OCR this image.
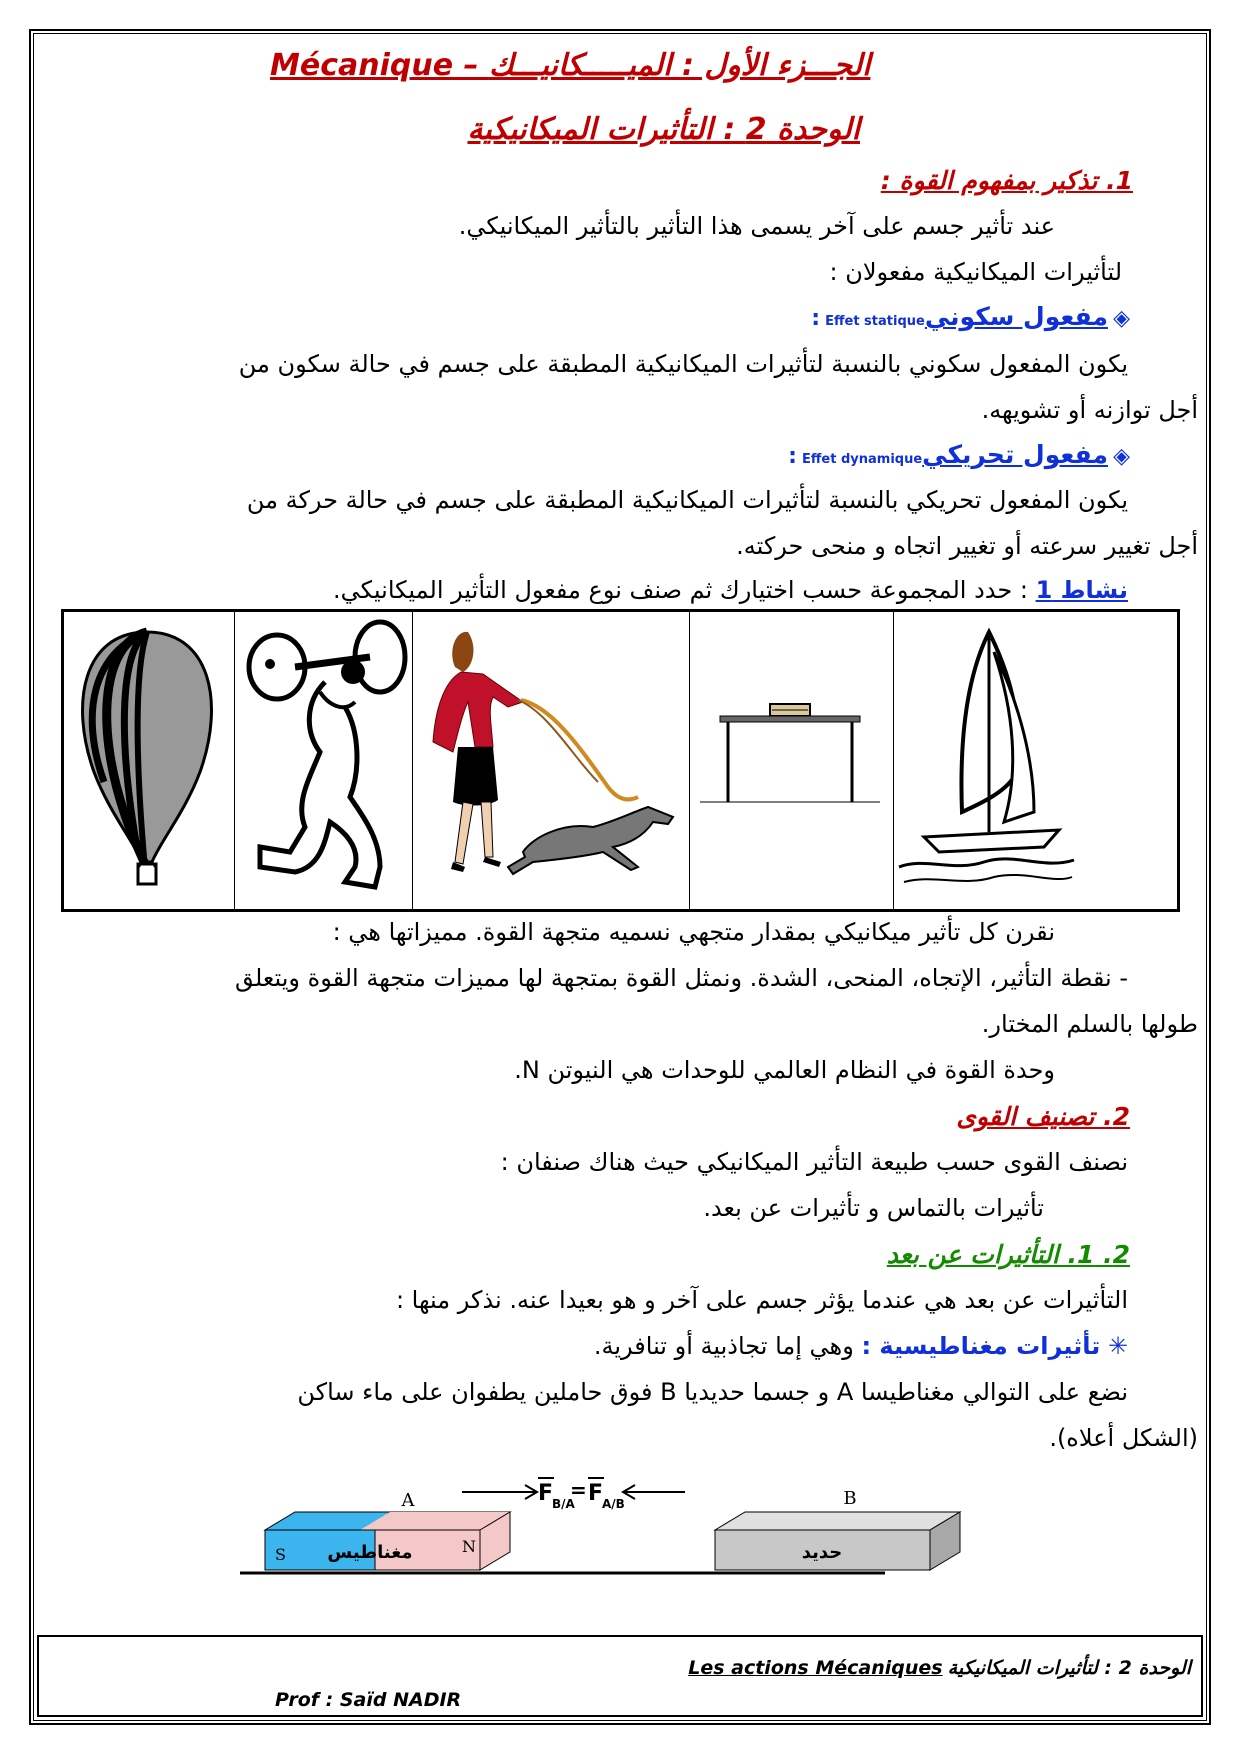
Mécanique – الجـــزء الأول : الميـــــكانيـــك
الوحدة 2 : التأثيرات الميكانيكية
1. تذكير بمفهوم القوة :
عند تأثير جسم على آخر يسمى هذا التأثير بالتأثير الميكانيكي.
لتأثيرات الميكانيكية مفعولان :
◈ مفعول سكونيEffet statique :
يكون المفعول سكوني بالنسبة لتأثيرات الميكانيكية المطبقة على جسم في حالة سكون من
أجل توازنه أو تشويهه.
◈ مفعول تحريكيEffet dynamique :
يكون المفعول تحريكي بالنسبة لتأثيرات الميكانيكية المطبقة على جسم في حالة حركة من
أجل تغيير سرعته أو تغيير اتجاه و منحى حركته.
نشاط 1 : حدد المجموعة حسب اختيارك ثم صنف نوع مفعول التأثير الميكانيكي.
نقرن كل تأثير ميكانيكي بمقدار متجهي نسميه متجهة القوة. مميزاتها هي :
- نقطة التأثير، الإتجاه، المنحى، الشدة. ونمثل القوة بمتجهة لها مميزات متجهة القوة ويتعلق
طولها بالسلم المختار.
وحدة القوة في النظام العالمي للوحدات هي النيوتن N.
2. تصنيف القوى
نصنف القوى حسب طبيعة التأثير الميكانيكي حيث هناك صنفان :
تأثيرات بالتماس و تأثيرات عن بعد.
2. 1. التأثيرات عن بعد
التأثيرات عن بعد هي عندما يؤثر جسم على آخر و هو بعيدا عنه. نذكر منها :
✳ تأثيرات مغناطيسية : وهي إما تجاذبية أو تنافرية.
نضع على التوالي مغناطيسا A و جسما حديديا B فوق حاملين يطفوان على ماء ساكن
(الشكل أعلاه).
S	N
مغناطيس
A
حديد
B
F
B/A
= F
A/B
Les actions Mécaniques الوحدة 2 : لتأثيرات الميكانيكية
Prof : Saïd NADIR
